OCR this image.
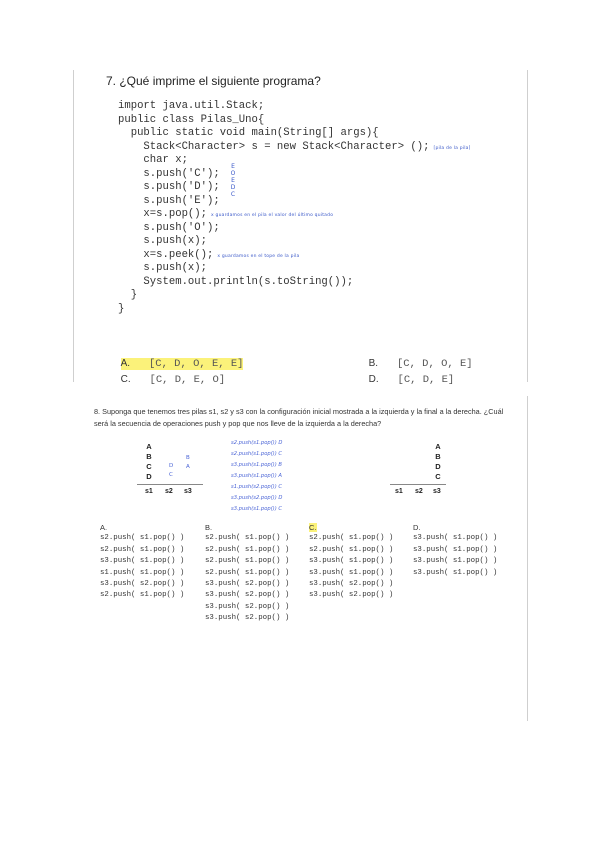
7. ¿Qué imprime el siguiente programa?
import java.util.Stack;
public class Pilas_Uno{
public static void main(String[] args){
Stack<Character> s = new Stack<Character> (); [pila de la pila]
char x;
s.push('C');
s.push('D');
s.push('E');
x=s.pop(); x guardamos en el pila el valor del último quitado
s.push('O');
s.push(x);
x=s.peek(); x guardamos en el tope de la pila
s.push(x);
System.out.println(s.toString());
}
}
E
O
E
D
C

A. [C, D, O, E, E]	B. [C, D, O, E]

C. [C, D, E, O]	D. [C, D, E]

8. Suponga que tenemos tres pilas s1, s2 y s3 con la configuración inicial mostrada a la izquierda y la final a la derecha. ¿Cuál será la secuencia de operaciones push y pop que nos lleve de la izquierda a la derecha?
A
B
C
D
s1 s2 s3
D
C
B
A
s2.push(s1.pop()) D
s2.push(s1.pop()) C
s3.push(s1.pop()) B
s3.push(s1.pop()) A
s1.push(s2.pop()) C
s3.push(s2.pop()) D
s3.push(s1.pop()) C
A
B
D
C
s1 s2 s3
A.
s2.push( s1.pop() )
s2.push( s1.pop() )
s3.push( s1.pop() )
s1.push( s1.pop() )
s3.push( s2.pop() )
s2.push( s1.pop() )
B.
s2.push( s1.pop() )
s2.push( s1.pop() )
s2.push( s1.pop() )
s2.push( s1.pop() )
s3.push( s2.pop() )
s3.push( s2.pop() )
s3.push( s2.pop() )
s3.push( s2.pop() )
C.
s2.push( s1.pop() )
s2.push( s1.pop() )
s3.push( s1.pop() )
s3.push( s1.pop() )
s3.push( s2.pop() )
s3.push( s2.pop() )
D.
s3.push( s1.pop() )
s3.push( s1.pop() )
s3.push( s1.pop() )
s3.push( s1.pop() )
